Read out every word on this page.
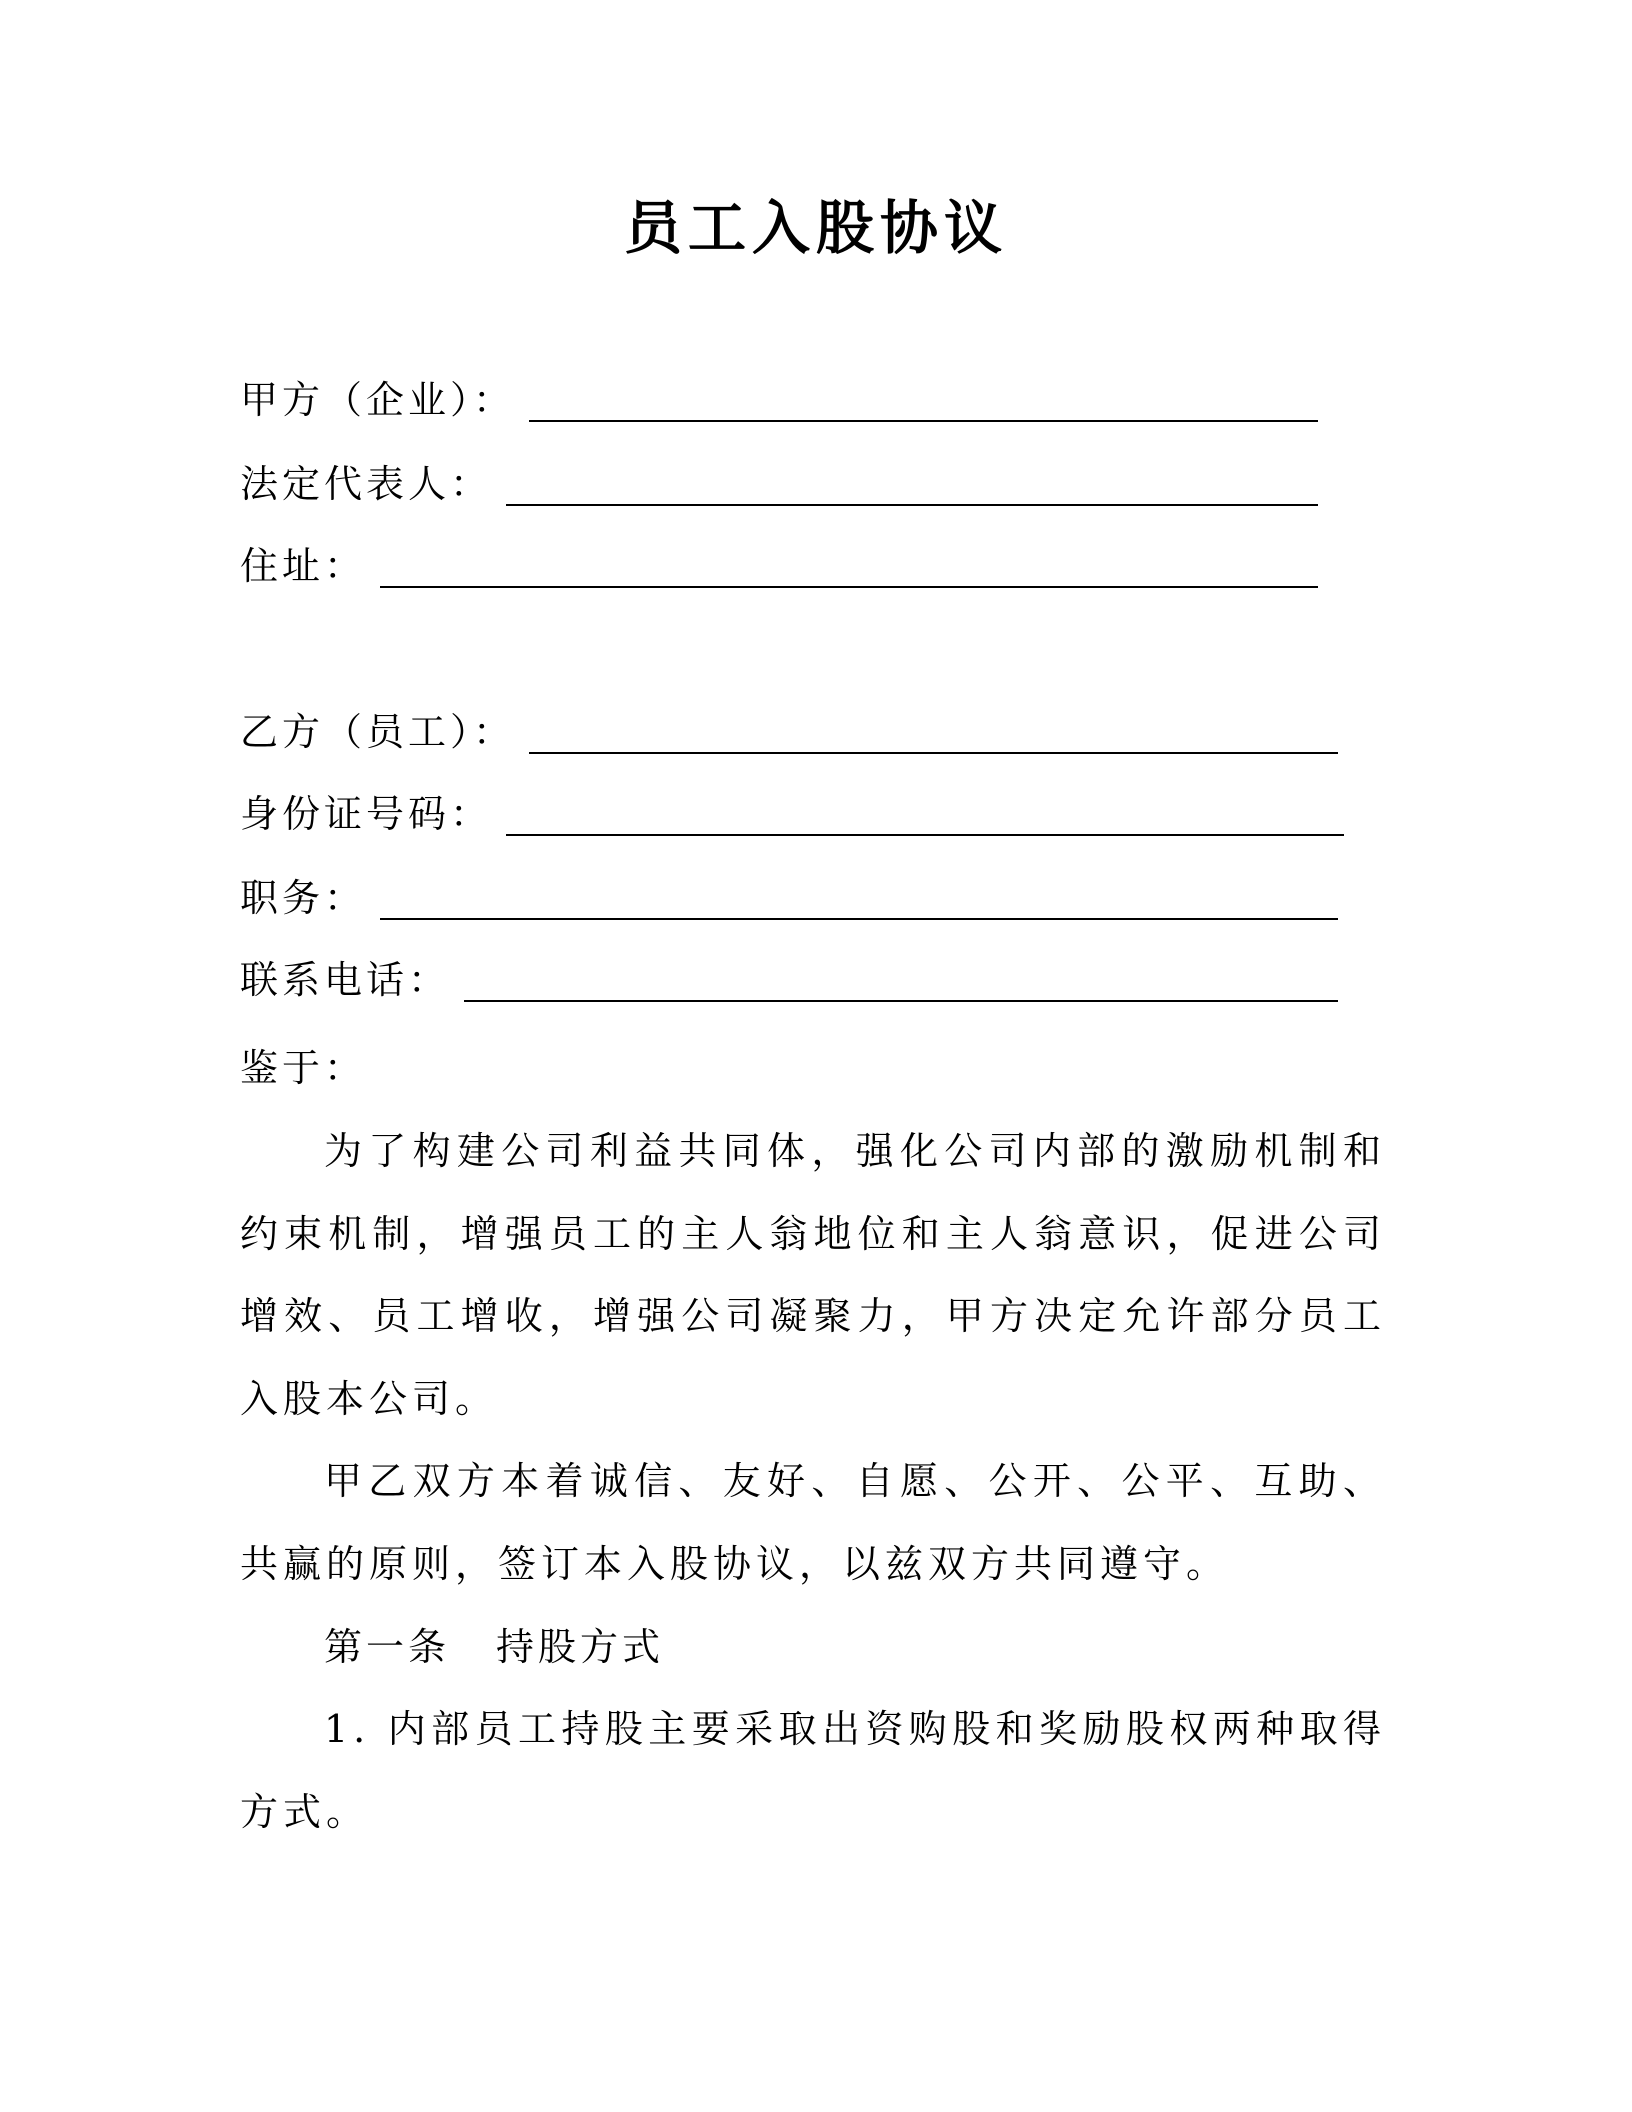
员工入股协议
甲方（企业）：
法定代表人：
住址：
乙方（员工）：
身份证号码：
职务：
联系电话：
鉴于：

为了构建公司利益共同体，强化公司内部的激励机制和约束机制，增强员工的主人翁地位和主人翁意识，促进公司增效、员工增收，增强公司凝聚力，甲方决定允许部分员工入股本公司。

甲乙双方本着诚信、友好、自愿、公开、公平、互助、共赢的原则，签订本入股协议，以兹双方共同遵守。

第一条 持股方式

1. 内部员工持股主要采取出资购股和奖励股权两种取得方式。
